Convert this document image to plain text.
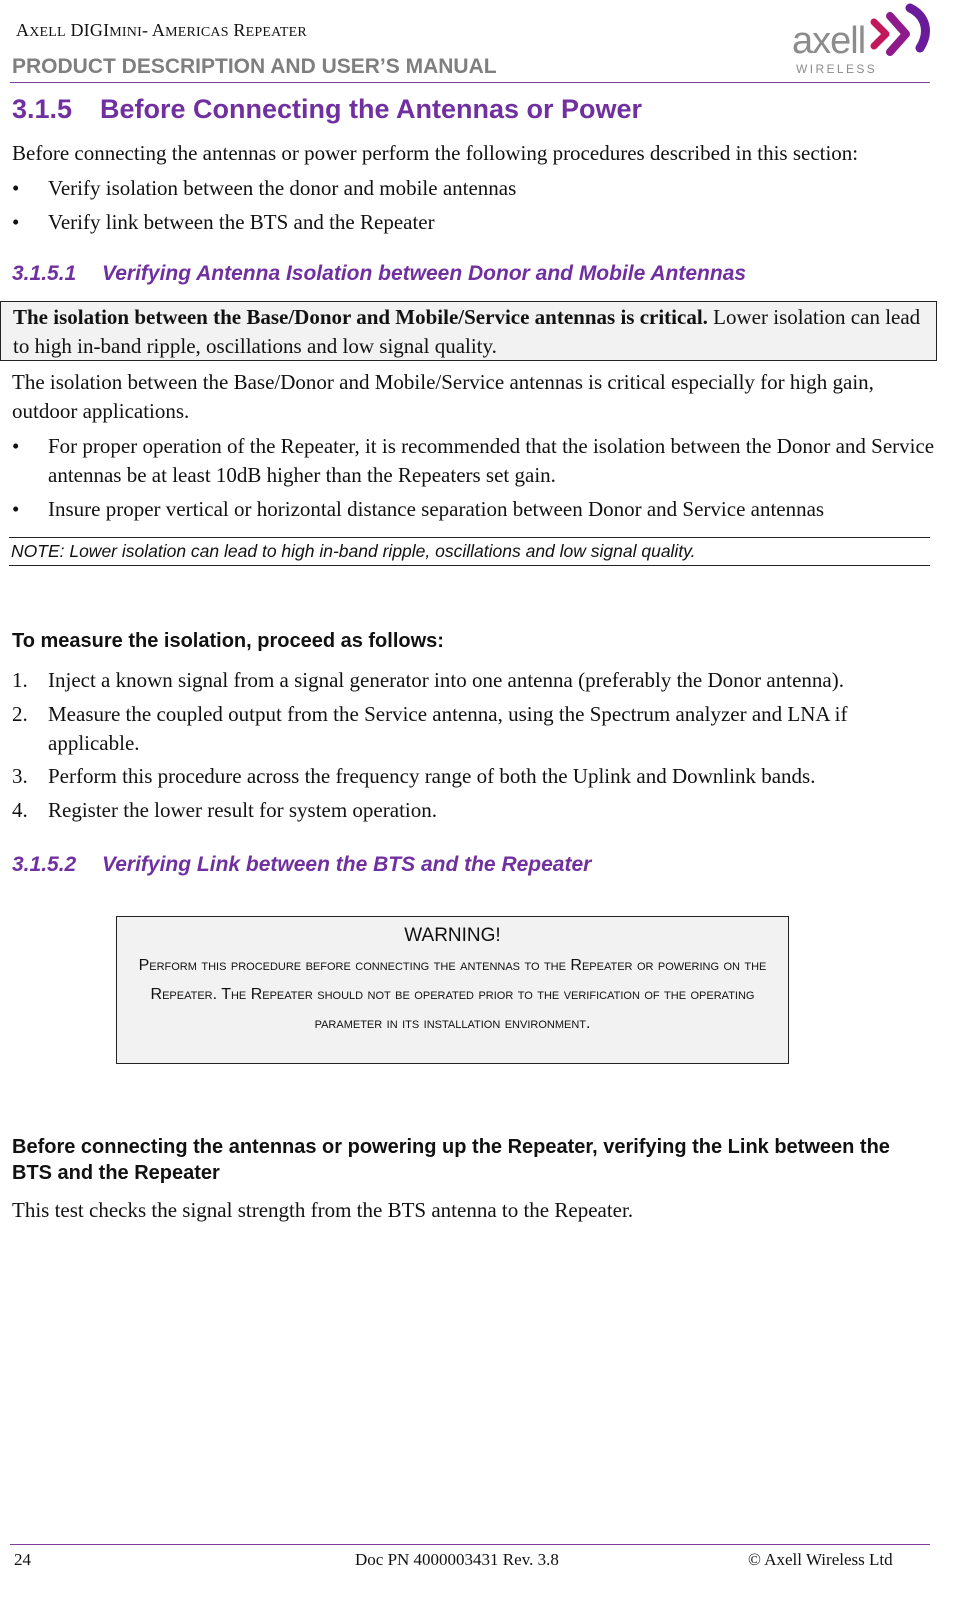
AXELL DIGIMINI- AMERICAS REPEATER
PRODUCT DESCRIPTION AND USER’S MANUAL
axell
WIRELESS
3.1.5 Before Connecting the Antennas or Power
Before connecting the antennas or power perform the following procedures described in this section:
• Verify isolation between the donor and mobile antennas
• Verify link between the BTS and the Repeater
3.1.5.1 Verifying Antenna Isolation between Donor and Mobile Antennas
The isolation between the Base/Donor and Mobile/Service antennas is critical. Lower isolation can lead to high in-band ripple, oscillations and low signal quality.
The isolation between the Base/Donor and Mobile/Service antennas is critical especially for high gain, outdoor applications.
• For proper operation of the Repeater, it is recommended that the isolation between the Donor and Service antennas be at least 10dB higher than the Repeaters set gain.
• Insure proper vertical or horizontal distance separation between Donor and Service antennas
NOTE: Lower isolation can lead to high in-band ripple, oscillations and low signal quality.
To measure the isolation, proceed as follows:
1. Inject a known signal from a signal generator into one antenna (preferably the Donor antenna).
2. Measure the coupled output from the Service antenna, using the Spectrum analyzer and LNA if applicable.
3. Perform this procedure across the frequency range of both the Uplink and Downlink bands.
4. Register the lower result for system operation.
3.1.5.2 Verifying Link between the BTS and the Repeater
WARNING!
Perform this procedure before connecting the antennas to the Repeater or powering on the Repeater. The Repeater should not be operated prior to the verification of the operating parameter in its installation environment.
Before connecting the antennas or powering up the Repeater, verifying the Link between the BTS and the Repeater
This test checks the signal strength from the BTS antenna to the Repeater.
24	Doc PN 4000003431 Rev. 3.8	© Axell Wireless Ltd
